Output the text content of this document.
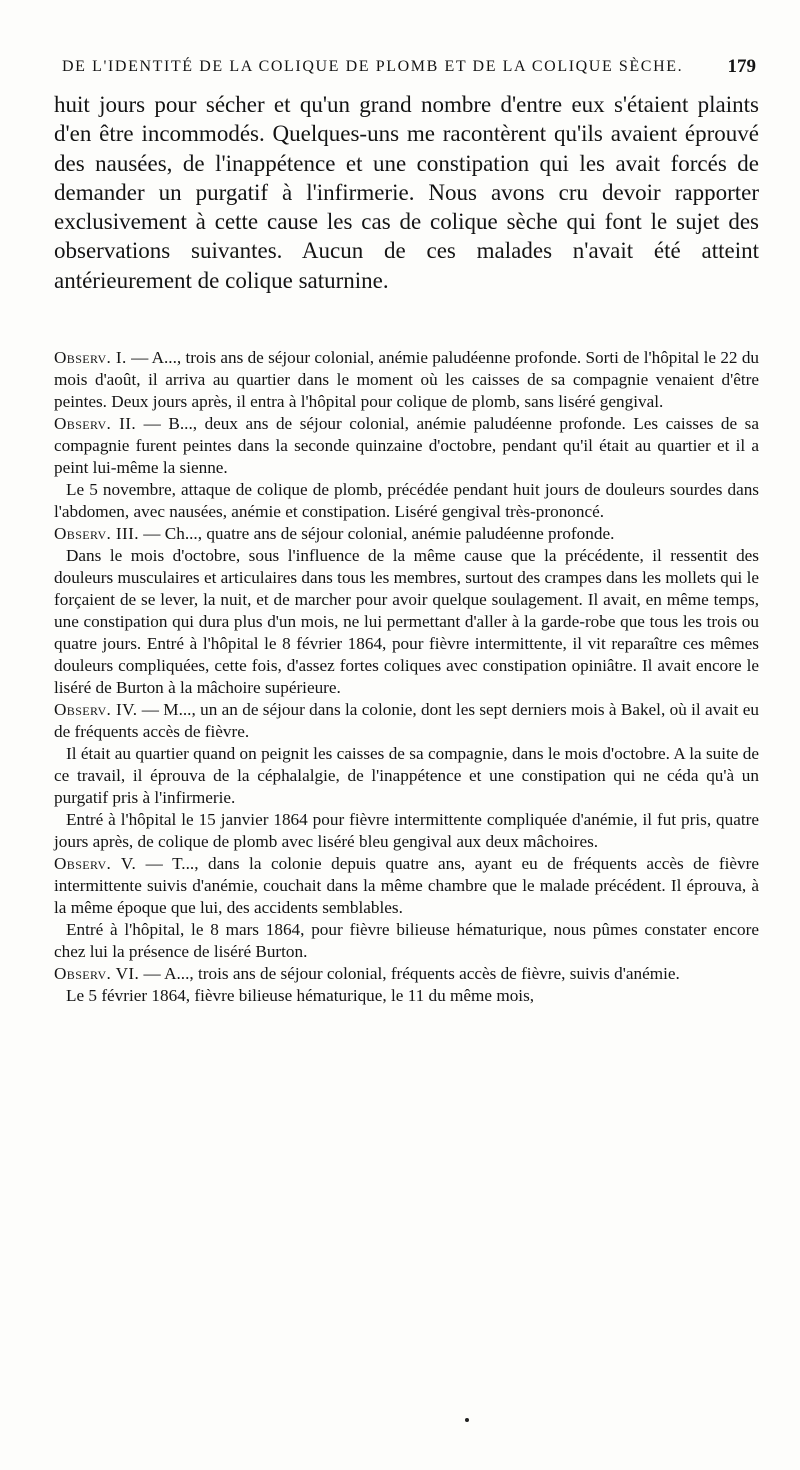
DE L'IDENTITÉ DE LA COLIQUE DE PLOMB ET DE LA COLIQUE SÈCHE. 179

huit jours pour sécher et qu'un grand nombre d'entre eux s'étaient plaints d'en être incommodés. Quelques-uns me racontèrent qu'ils avaient éprouvé des nausées, de l'inappétence et une constipation qui les avait forcés de demander un purgatif à l'infirmerie. Nous avons cru devoir rapporter exclusivement à cette cause les cas de colique sèche qui font le sujet des observations suivantes. Aucun de ces malades n'avait été atteint antérieurement de colique saturnine.

Observ. I. — A..., trois ans de séjour colonial, anémie paludéenne profonde. Sorti de l'hôpital le 22 du mois d'août, il arriva au quartier dans le moment où les caisses de sa compagnie venaient d'être peintes. Deux jours après, il entra à l'hôpital pour colique de plomb, sans liséré gengival.

Observ. II. — B..., deux ans de séjour colonial, anémie paludéenne profonde. Les caisses de sa compagnie furent peintes dans la seconde quinzaine d'octobre, pendant qu'il était au quartier et il a peint lui-même la sienne.

Le 5 novembre, attaque de colique de plomb, précédée pendant huit jours de douleurs sourdes dans l'abdomen, avec nausées, anémie et constipation. Liséré gengival très-prononcé.

Observ. III. — Ch..., quatre ans de séjour colonial, anémie paludéenne profonde.

Dans le mois d'octobre, sous l'influence de la même cause que la précédente, il ressentit des douleurs musculaires et articulaires dans tous les membres, surtout des crampes dans les mollets qui le forçaient de se lever, la nuit, et de marcher pour avoir quelque soulagement. Il avait, en même temps, une constipation qui dura plus d'un mois, ne lui permettant d'aller à la garde-robe que tous les trois ou quatre jours. Entré à l'hôpital le 8 février 1864, pour fièvre intermittente, il vit reparaître ces mêmes douleurs compliquées, cette fois, d'assez fortes coliques avec constipation opiniâtre. Il avait encore le liséré de Burton à la mâchoire supérieure.

Observ. IV. — M..., un an de séjour dans la colonie, dont les sept derniers mois à Bakel, où il avait eu de fréquents accès de fièvre.

Il était au quartier quand on peignit les caisses de sa compagnie, dans le mois d'octobre. A la suite de ce travail, il éprouva de la céphalalgie, de l'inappétence et une constipation qui ne céda qu'à un purgatif pris à l'infirmerie.

Entré à l'hôpital le 15 janvier 1864 pour fièvre intermittente compliquée d'anémie, il fut pris, quatre jours après, de colique de plomb avec liséré bleu gengival aux deux mâchoires.

Observ. V. — T..., dans la colonie depuis quatre ans, ayant eu de fréquents accès de fièvre intermittente suivis d'anémie, couchait dans la même chambre que le malade précédent. Il éprouva, à la même époque que lui, des accidents semblables.

Entré à l'hôpital, le 8 mars 1864, pour fièvre bilieuse hématurique, nous pûmes constater encore chez lui la présence de liséré Burton.

Observ. VI. — A..., trois ans de séjour colonial, fréquents accès de fièvre, suivis d'anémie.

Le 5 février 1864, fièvre bilieuse hématurique, le 11 du même mois,
